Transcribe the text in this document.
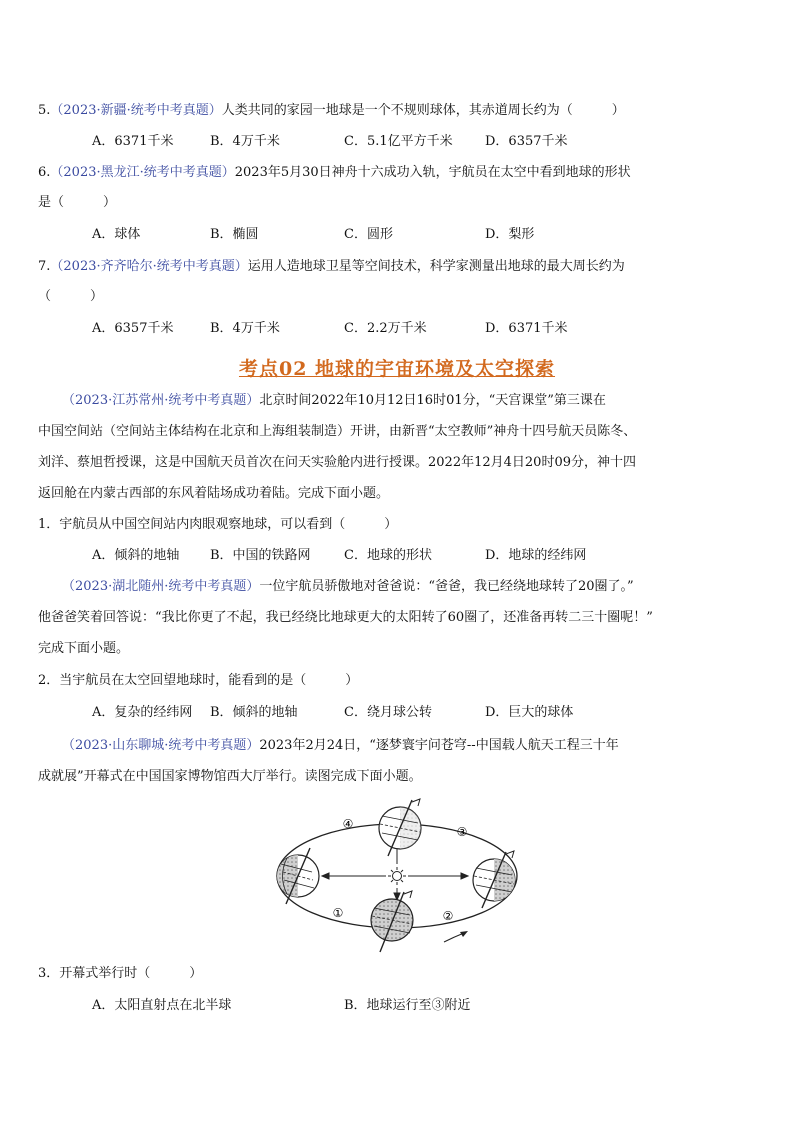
5.（2023·新疆·统考中考真题）人类共同的家园一地球是一个不规则球体，其赤道周长约为（　　　）
A．6371千米	B．4万千米	C．5.1亿平方千米 D．6357千米
6.（2023·黑龙江·统考中考真题）2023年5月30日神舟十六成功入轨，宇航员在太空中看到地球的形状
是（　　　）
A．球体	B．椭圆	C．圆形	D．梨形
7.（2023·齐齐哈尔·统考中考真题）运用人造地球卫星等空间技术，科学家测量出地球的最大周长约为
（　　　）
A．6357千米	B．4万千米	C．2.2万千米	D．6371千米
考点02 地球的宇宙环境及太空探索
（2023·江苏常州·统考中考真题）北京时间2022年10月12日16时01分，“天宫课堂”第三课在
中国空间站（空间站主体结构在北京和上海组装制造）开讲，由新晋“太空教师”神舟十四号航天员陈冬、
刘洋、蔡旭哲授课，这是中国航天员首次在问天实验舱内进行授课。2022年12月4日20时09分，神十四
返回舱在内蒙古西部的东风着陆场成功着陆。完成下面小题。
1．宇航员从中国空间站内肉眼观察地球，可以看到（　　　）
A．倾斜的地轴 B．中国的铁路网	C．地球的形状	D．地球的经纬网
（2023·湖北随州·统考中考真题）一位宇航员骄傲地对爸爸说：“爸爸，我已经绕地球转了20圈了。”
他爸爸笑着回答说：“我比你更了不起，我已经绕比地球更大的太阳转了60圈了，还准备再转二三十圈呢！”
完成下面小题。
2．当宇航员在太空回望地球时，能看到的是（　　　）
A．复杂的经纬网 B．倾斜的地轴	C．绕月球公转	D．巨大的球体
（2023·山东聊城·统考中考真题）2023年2月24日，“逐梦寰宇问苍穹--中国载人航天工程三十年
成就展”开幕式在中国国家博物馆西大厅举行。读图完成下面小题。
①	②
③
④
3．开幕式举行时（　　　）
A．太阳直射点在北半球	B．地球运行至③附近
